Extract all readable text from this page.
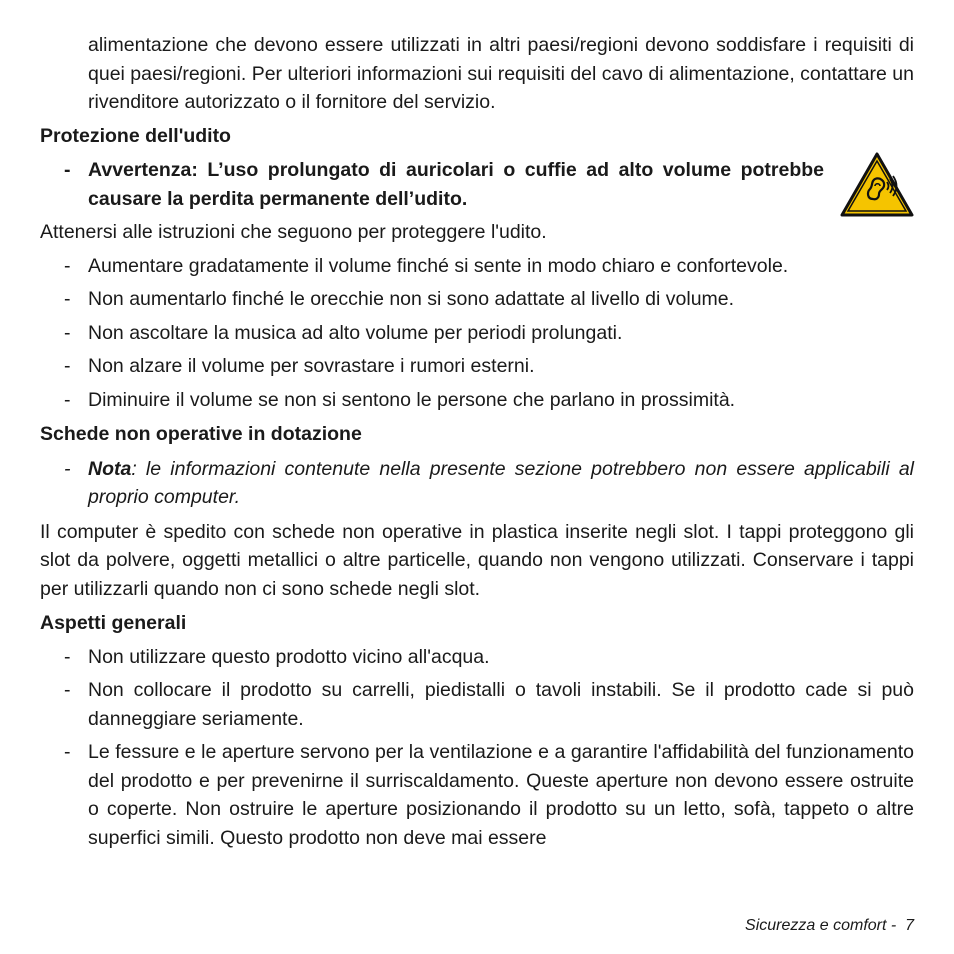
alimentazione che devono essere utilizzati in altri paesi/regioni devono soddisfare i requisiti di quei paesi/regioni. Per ulteriori informazioni sui requisiti del cavo di alimentazione, contattare un rivenditore autorizzato o il fornitore del servizio.

Protezione dell'udito

- Avvertenza: L’uso prolungato di auricolari o cuffie ad alto volume potrebbe causare la perdita permanente dell’udito.

Attenersi alle istruzioni che seguono per proteggere l'udito.

- Aumentare gradatamente il volume finché si sente in modo chiaro e confortevole.

- Non aumentarlo finché le orecchie non si sono adattate al livello di volume.

- Non ascoltare la musica ad alto volume per periodi prolungati.

- Non alzare il volume per sovrastare i rumori esterni.

- Diminuire il volume se non si sentono le persone che parlano in prossimità.

Schede non operative in dotazione

- Nota: le informazioni contenute nella presente sezione potrebbero non essere applicabili al proprio computer.

Il computer è spedito con schede non operative in plastica inserite negli slot. I tappi proteggono gli slot da polvere, oggetti metallici o altre particelle, quando non vengono utilizzati. Conservare i tappi per utilizzarli quando non ci sono schede negli slot.

Aspetti generali

- Non utilizzare questo prodotto vicino all'acqua.

- Non collocare il prodotto su carrelli, piedistalli o tavoli instabili. Se il prodotto cade si può danneggiare seriamente.

- Le fessure e le aperture servono per la ventilazione e a garantire l'affidabilità del funzionamento del prodotto e per prevenirne il surriscaldamento. Queste aperture non devono essere ostruite o coperte. Non ostruire le aperture posizionando il prodotto su un letto, sofà, tappeto o altre superfici simili. Questo prodotto non deve mai essere

Sicurezza e comfort -  7
